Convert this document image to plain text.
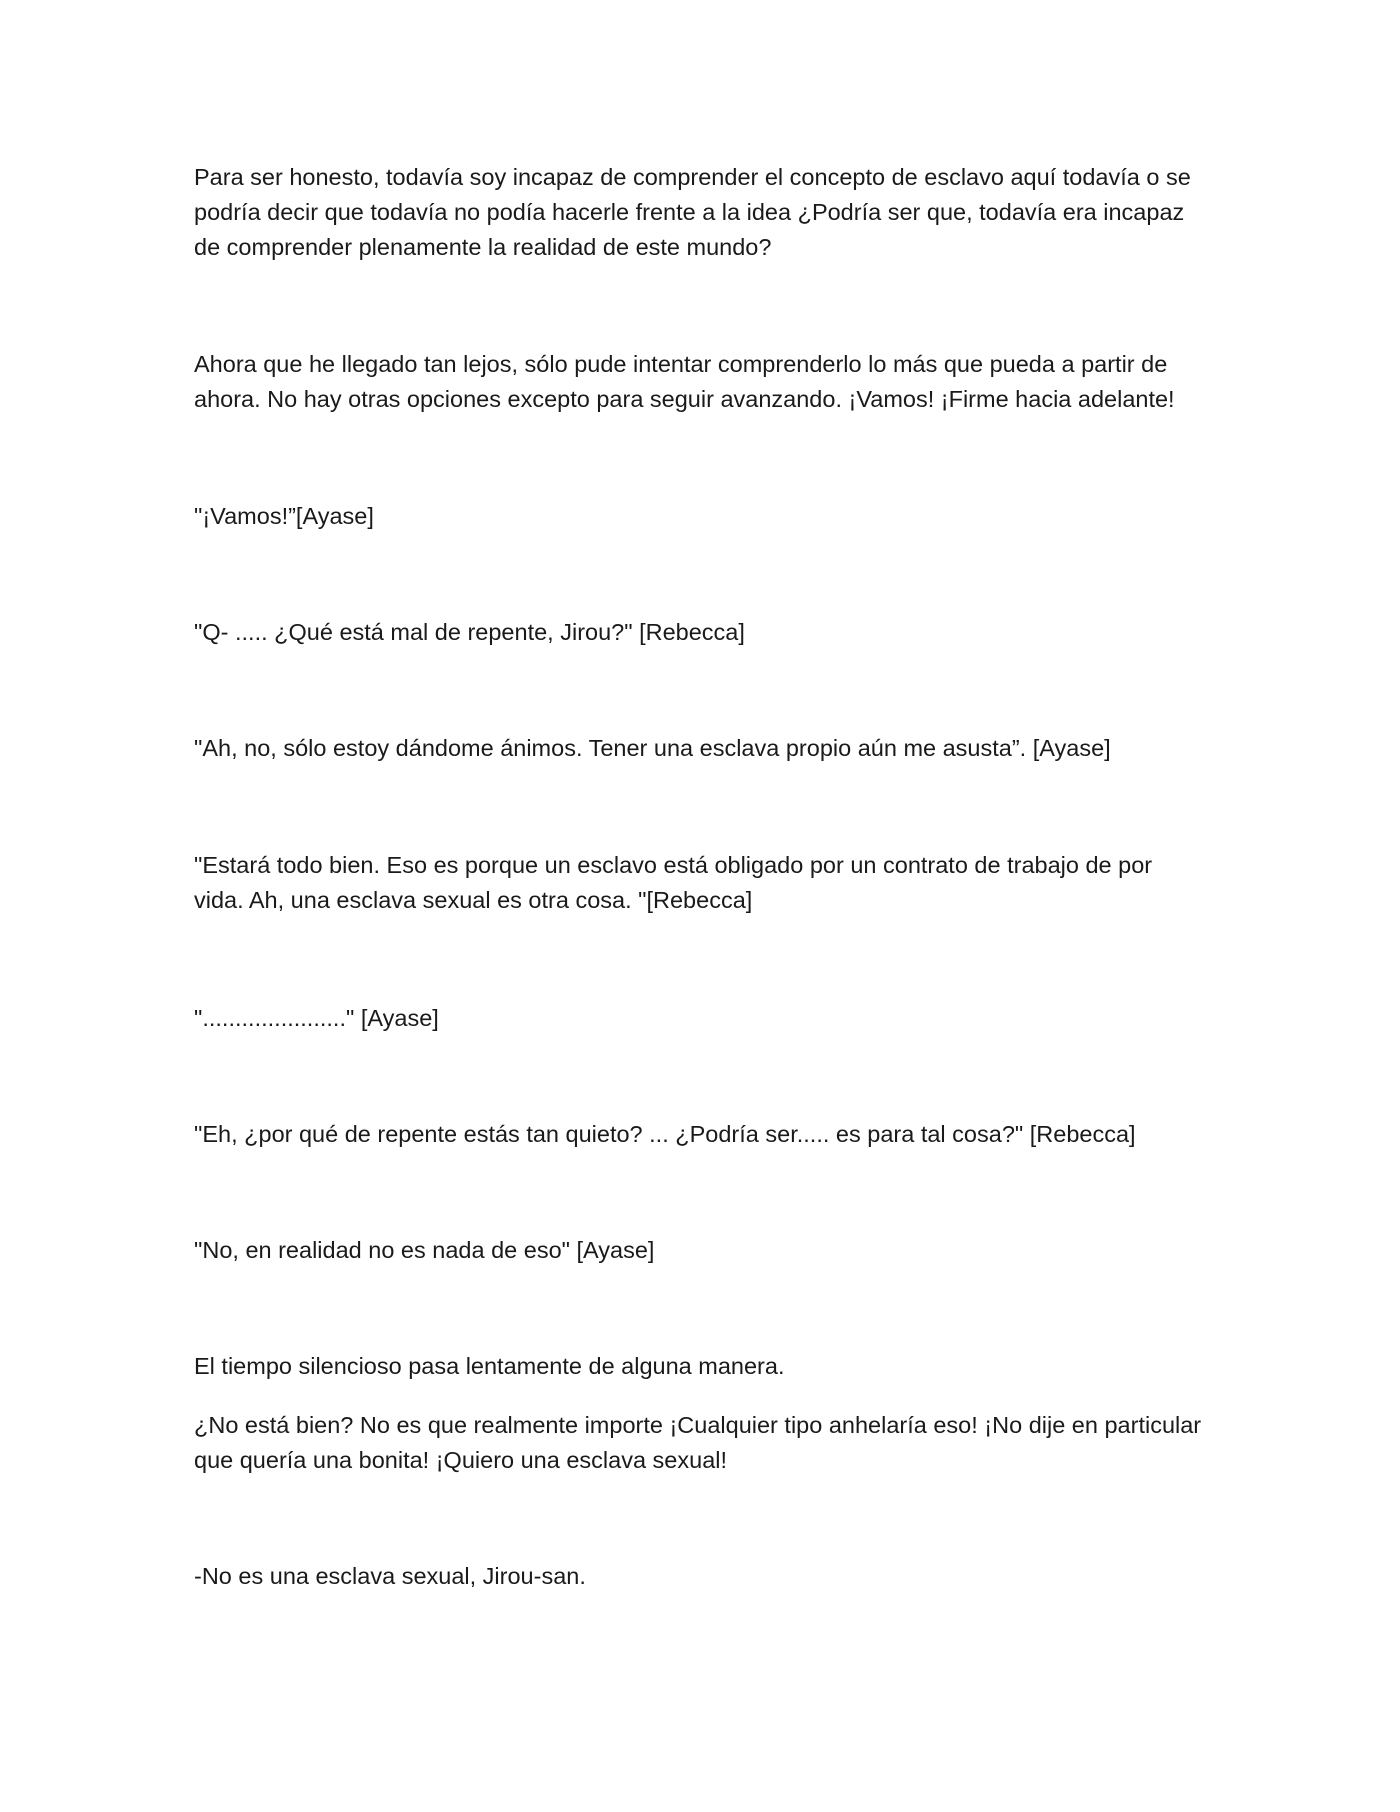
Para ser honesto, todavía soy incapaz de comprender el concepto de esclavo aquí todavía o se podría decir que todavía no podía hacerle frente a la idea ¿Podría ser que, todavía era incapaz de comprender plenamente la realidad de este mundo?

Ahora que he llegado tan lejos, sólo pude intentar comprenderlo lo más que pueda a partir de ahora. No hay otras opciones excepto para seguir avanzando. ¡Vamos! ¡Firme hacia adelante!

"¡Vamos!”[Ayase]

"Q- ..... ¿Qué está mal de repente, Jirou?" [Rebecca]

"Ah, no, sólo estoy dándome ánimos. Tener una esclava propio aún me asusta”. [Ayase]

"Estará todo bien. Eso es porque un esclavo está obligado por un contrato de trabajo de por vida. Ah, una esclava sexual es otra cosa. "[Rebecca]

"......................" [Ayase]

"Eh, ¿por qué de repente estás tan quieto? ... ¿Podría ser..... es para tal cosa?" [Rebecca]

"No, en realidad no es nada de eso" [Ayase]

El tiempo silencioso pasa lentamente de alguna manera.

¿No está bien? No es que realmente importe ¡Cualquier tipo anhelaría eso! ¡No dije en particular que quería una bonita! ¡Quiero una esclava sexual!

-No es una esclava sexual, Jirou-san.
